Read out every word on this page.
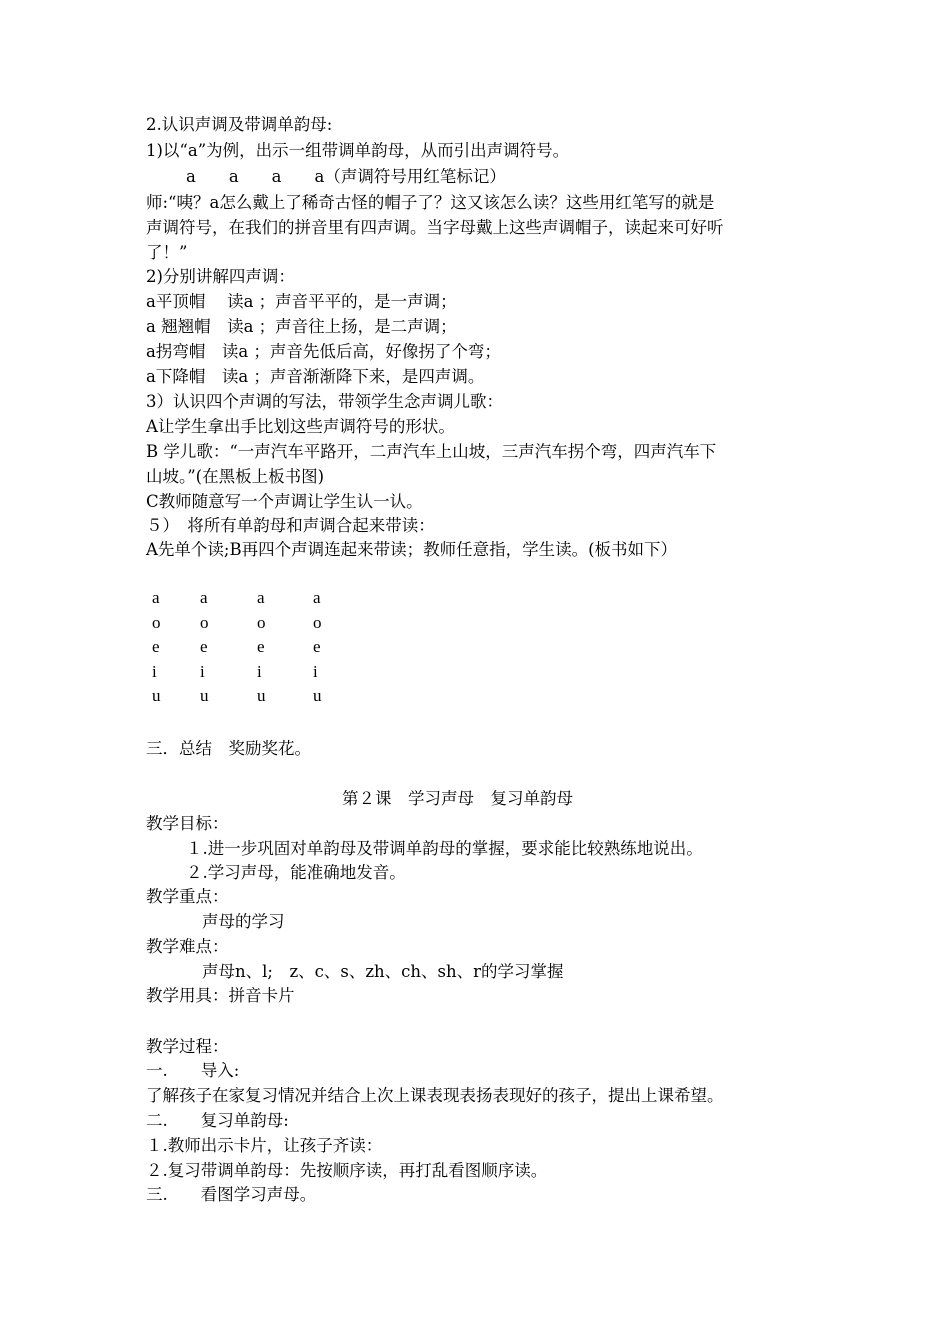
2.认识声调及带调单韵母:

1)以“a”为例，出示一组带调单韵母，从而引出声调符号。

a　　a　　a　　a（声调符号用红笔标记）

师:“咦？a怎么戴上了稀奇古怪的帽子了？这又该怎么读？这些用红笔写的就是

声调符号，在我们的拼音里有四声调。当字母戴上这些声调帽子，读起来可好听

了！”

2)分别讲解四声调：

a平顶帽　 读a ；声音平平的，是一声调；

a 翘翘帽　读a ；声音往上扬，是二声调；

a拐弯帽　读a ；声音先低后高，好像拐了个弯；

a下降帽　读a ；声音渐渐降下来，是四声调。

3）认识四个声调的写法，带领学生念声调儿歌：

A让学生拿出手比划这些声调符号的形状。

B 学儿歌：“一声汽车平路开，二声汽车上山坡，三声汽车拐个弯，四声汽车下

山坡。”(在黑板上板书图)

C教师随意写一个声调让学生认一认。

５）　将所有单韵母和声调合起来带读：

A先单个读;B再四个声调连起来带读；教师任意指，学生读。(板书如下）

a a	a	a
o o	o	o
e e	e	e
i	i	i	i
u u	u	u

三．总结　奖励奖花。

第２课　学习声母　复习单韵母

教学目标：

１.进一步巩固对单韵母及带调单韵母的掌握，要求能比较熟练地说出。

２.学习声母，能准确地发音。

教学重点：

声母的学习

教学难点：

声母n、l;　z、c、s、zh、ch、sh、r的学习掌握

教学用具：拼音卡片

教学过程：

一.　　导入:

了解孩子在家复习情况并结合上次上课表现表扬表现好的孩子，提出上课希望。

二.　　复习单韵母:

１.教师出示卡片，让孩子齐读：

２.复习带调单韵母：先按顺序读，再打乱看图顺序读。

三.　　看图学习声母。
